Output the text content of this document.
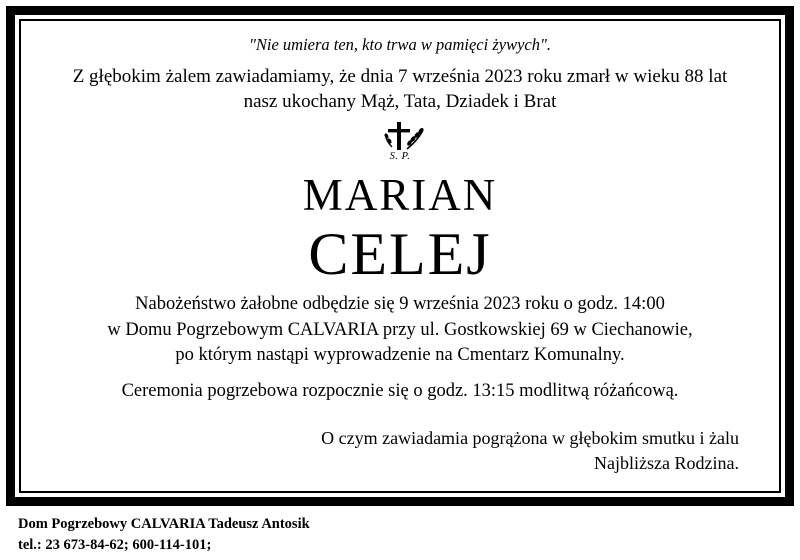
"Nie umiera ten, kto trwa w pamięci żywych".
Z głębokim żalem zawiadamiamy, że dnia 7 września 2023 roku zmarł w wieku 88 lat
nasz ukochany Mąż, Tata, Dziadek i Brat
S. P.
MARIAN
CELEJ
Nabożeństwo żałobne odbędzie się 9 września 2023 roku o godz. 14:00
w Domu Pogrzebowym CALVARIA przy ul. Gostkowskiej 69 w Ciechanowie,
po którym nastąpi wyprowadzenie na Cmentarz Komunalny.
Ceremonia pogrzebowa rozpocznie się o godz. 13:15 modlitwą różańcową.
O czym zawiadamia pogrążona w głębokim smutku i żalu
Najbliższa Rodzina.
Dom Pogrzebowy CALVARIA Tadeusz Antosik
tel.: 23 673-84-62; 600-114-101;
